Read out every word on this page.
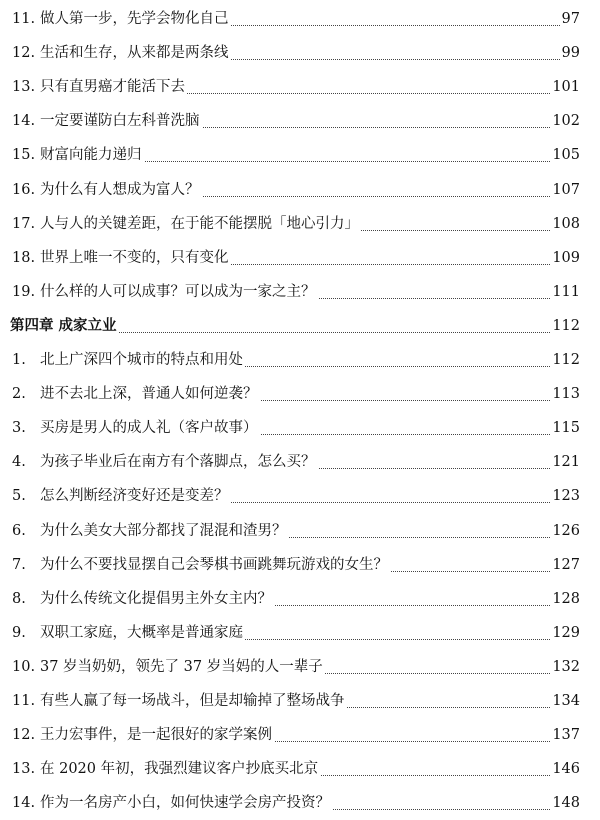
11. 做人第一步，先学会物化自己	97
12. 生活和生存，从来都是两条线	99
13. 只有直男癌才能活下去	101
14. 一定要谨防白左科普洗脑	102
15. 财富向能力递归	105
16. 为什么有人想成为富人？	107
17. 人与人的关键差距，在于能不能摆脱「地心引力」	108
18. 世界上唯一不变的，只有变化	109
19. 什么样的人可以成事？可以成为一家之主？	111
第四章 成家立业	112
1. 北上广深四个城市的特点和用处	112
2. 进不去北上深，普通人如何逆袭？	113
3. 买房是男人的成人礼（客户故事）	115
4. 为孩子毕业后在南方有个落脚点，怎么买？	121
5. 怎么判断经济变好还是变差？	123
6. 为什么美女大部分都找了混混和渣男？	126
7. 为什么不要找显摆自己会琴棋书画跳舞玩游戏的女生？	127
8. 为什么传统文化提倡男主外女主内？	128
9. 双职工家庭，大概率是普通家庭	129
10. 37 岁当奶奶，领先了 37 岁当妈的人一辈子	132
11. 有些人赢了每一场战斗，但是却输掉了整场战争	134
12. 王力宏事件，是一起很好的家学案例	137
13. 在 2020 年初，我强烈建议客户抄底买北京	146
14. 作为一名房产小白，如何快速学会房产投资？	148
